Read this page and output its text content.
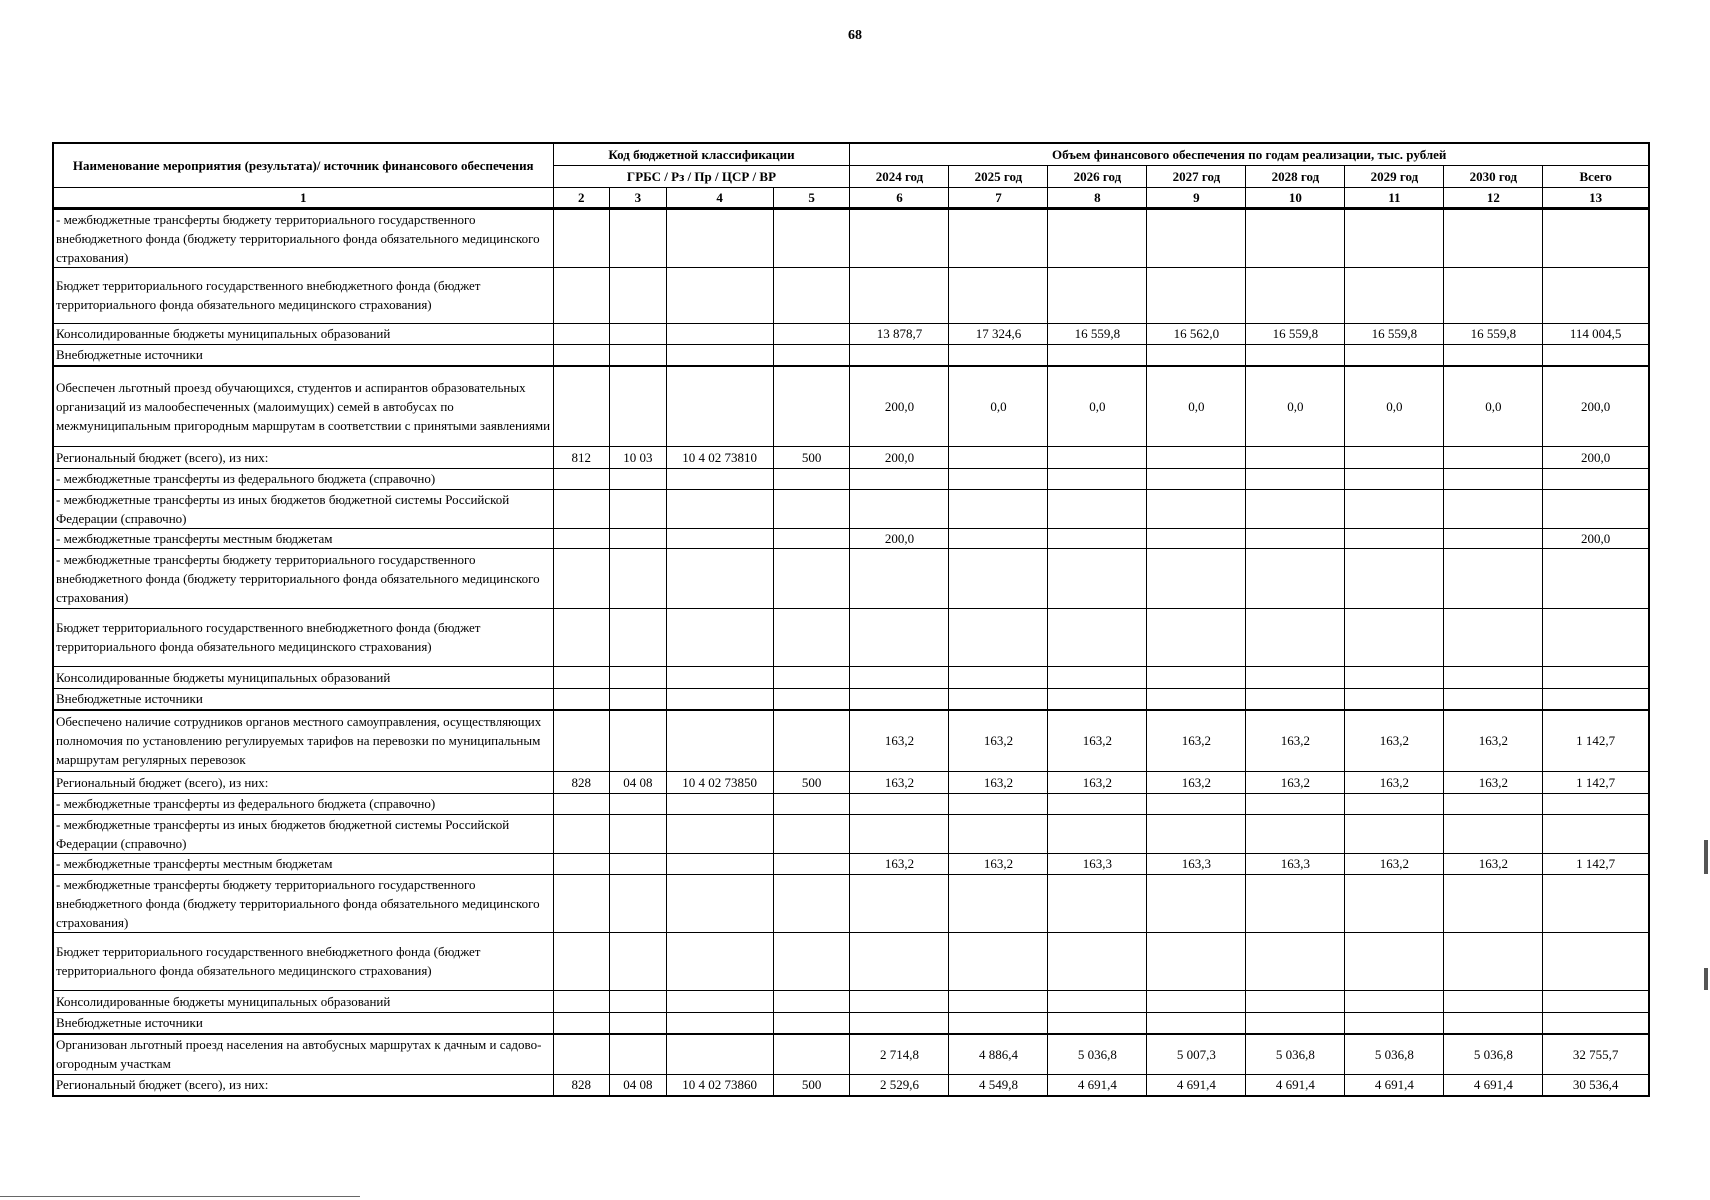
68
Наименование мероприятия (результата)/ источник финансового обеспечения	Код бюджетной классификации				Объем финансового обеспечения по годам реализации, тыс. рублей							
	ГРБС / Рз / Пр / ЦСР / ВР				2024 год	2025 год	2026 год	2027 год	2028 год	2029 год	2030 год	Всего
1	2	3	4	5	6	7	8	9	10	11	12	13
- межбюджетные трансферты бюджету территориального государственного внебюджетного фонда (бюджету территориального фонда обязательного медицинского страхования)												
Бюджет территориального государственного внебюджетного фонда (бюджет территориального фонда обязательного медицинского страхования)												
Консолидированные бюджеты муниципальных образований					13 878,7	17 324,6	16 559,8	16 562,0	16 559,8	16 559,8	16 559,8	114 004,5
Внебюджетные источники												
Обеспечен льготный проезд обучающихся, студентов и аспирантов образовательных организаций из малообеспеченных (малоимущих) семей в автобусах по межмуниципальным пригородным маршрутам в соответствии с принятыми заявлениями					200,0	0,0	0,0	0,0	0,0	0,0	0,0	200,0
Региональный бюджет (всего), из них:	812	10 03	10 4 02 73810	500	200,0							200,0
- межбюджетные трансферты из федерального бюджета (справочно)												
- межбюджетные трансферты из иных бюджетов бюджетной системы Российской Федерации (справочно)												
- межбюджетные трансферты местным бюджетам					200,0							200,0
- межбюджетные трансферты бюджету территориального государственного внебюджетного фонда (бюджету территориального фонда обязательного медицинского страхования)												
Бюджет территориального государственного внебюджетного фонда (бюджет территориального фонда обязательного медицинского страхования)												
Консолидированные бюджеты муниципальных образований												
Внебюджетные источники												
Обеспечено наличие сотрудников органов местного самоуправления, осуществляющих полномочия по установлению регулируемых тарифов на перевозки по муниципальным маршрутам регулярных перевозок					163,2	163,2	163,2	163,2	163,2	163,2	163,2	1 142,7
Региональный бюджет (всего), из них:	828	04 08	10 4 02 73850	500	163,2	163,2	163,2	163,2	163,2	163,2	163,2	1 142,7
- межбюджетные трансферты из федерального бюджета (справочно)												
- межбюджетные трансферты из иных бюджетов бюджетной системы Российской Федерации (справочно)												
- межбюджетные трансферты местным бюджетам					163,2	163,2	163,3	163,3	163,3	163,2	163,2	1 142,7
- межбюджетные трансферты бюджету территориального государственного внебюджетного фонда (бюджету территориального фонда обязательного медицинского страхования)												
Бюджет территориального государственного внебюджетного фонда (бюджет территориального фонда обязательного медицинского страхования)												
Консолидированные бюджеты муниципальных образований												
Внебюджетные источники												
Организован льготный проезд населения на автобусных маршрутах к дачным и садово-огородным участкам					2 714,8	4 886,4	5 036,8	5 007,3	5 036,8	5 036,8	5 036,8	32 755,7
Региональный бюджет (всего), из них:	828	04 08	10 4 02 73860	500	2 529,6	4 549,8	4 691,4	4 691,4	4 691,4	4 691,4	4 691,4	30 536,4
